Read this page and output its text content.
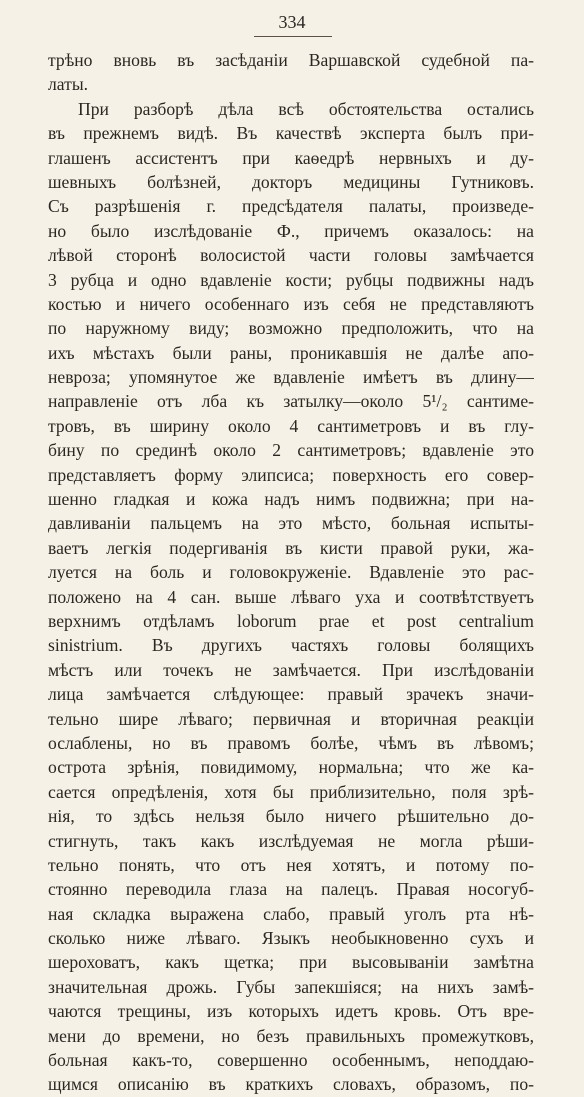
334
трѣно вновь въ засѣданіи Варшавской судебной па-
латы.
При разборѣ дѣла всѣ обстоятельства остались
въ прежнемъ видѣ. Въ качествѣ эксперта былъ при-
глашенъ ассистентъ при каѳедрѣ нервныхъ и ду-
шевныхъ болѣзней, докторъ медицины Гутниковъ.
Съ разрѣшенія г. предсѣдателя палаты, произведе-
но было изслѣдованіе Ф., причемъ оказалось: на
лѣвой сторонѣ волосистой части головы замѣчается
3 рубца и одно вдавленіе кости; рубцы подвижны надъ
костью и ничего особеннаго изъ себя не представляютъ
по наружному виду; возможно предположить, что на
ихъ мѣстахъ были раны, проникавшія не далѣе апо-
невроза; упомянутое же вдавленіе имѣетъ въ длину—
направленіе отъ лба къ затылку—около 5¹/₂ сантиме-
тровъ, въ ширину около 4 сантиметровъ и въ глу-
бину по срединѣ около 2 сантиметровъ; вдавленіе это
представляетъ форму элипсиса; поверхность его совер-
шенно гладкая и кожа надъ нимъ подвижна; при на-
давливаніи пальцемъ на это мѣсто, больная испыты-
ваетъ легкія подергиванія въ кисти правой руки, жа-
луется на боль и головокруженіе. Вдавленіе это рас-
положено на 4 сан. выше лѣваго уха и соотвѣтствуетъ
верхнимъ отдѣламъ loborum prae et post centralium
sinistrium. Въ другихъ частяхъ головы болящихъ
мѣстъ или точекъ не замѣчается. При изслѣдованіи
лица замѣчается слѣдующее: правый зрачекъ значи-
тельно шире лѣваго; первичная и вторичная реакціи
ослаблены, но въ правомъ болѣе, чѣмъ въ лѣвомъ;
острота зрѣнія, повидимому, нормальна; что же ка-
сается опредѣленія, хотя бы приблизительно, поля зрѣ-
нія, то здѣсь нельзя было ничего рѣшительно до-
стигнуть, такъ какъ изслѣдуемая не могла рѣши-
тельно понять, что отъ нея хотятъ, и потому по-
стоянно переводила глаза на палецъ. Правая носогуб-
ная складка выражена слабо, правый уголъ рта нѣ-
сколько ниже лѣваго. Языкъ необыкновенно сухъ и
шероховатъ, какъ щетка; при высовываніи замѣтна
значительная дрожь. Губы запекшіяся; на нихъ замѣ-
чаются трещины, изъ которыхъ идетъ кровь. Отъ вре-
мени до времени, но безъ правильныхъ промежутковъ,
больная какъ-то, совершенно особеннымъ, неподдаю-
щимся описанію въ краткихъ словахъ, образомъ, по-
